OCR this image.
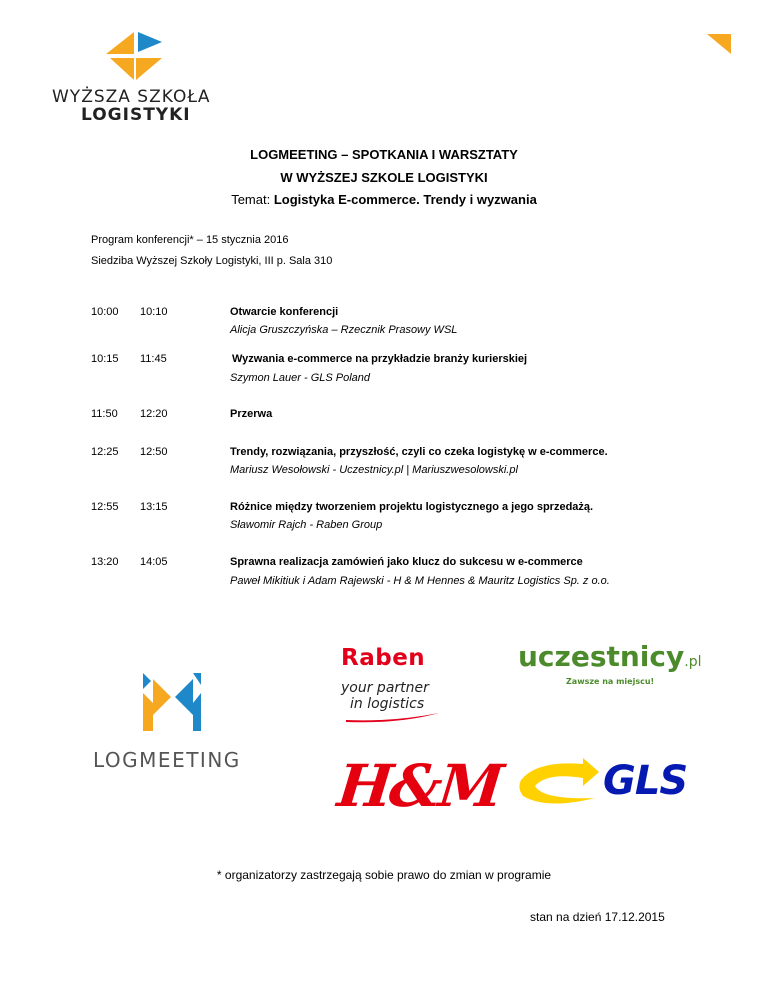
WYŻSZA SZKOŁA
LOGISTYKI
LOGMEETING – SPOTKANIA I WARSZTATY
W WYŻSZEJ SZKOLE LOGISTYKI
Temat: Logistyka E-commerce. Trendy i wyzwania
Program konferencji* – 15 stycznia 2016
Siedziba Wyższej Szkoły Logistyki, III p. Sala 310
10:00 10:10	Otwarcie konferencji
Alicja Gruszczyńska – Rzecznik Prasowy WSL
10:15 11:45	Wyzwania e-commerce na przykładzie branży kurierskiej
Szymon Lauer - GLS Poland
11:50 12:20	Przerwa
12:25 12:50	Trendy, rozwiązania, przyszłość, czyli co czeka logistykę w e-commerce.
Mariusz Wesołowski - Uczestnicy.pl | Mariuszwesolowski.pl
12:55 13:15	Różnice między tworzeniem projektu logistycznego a jego sprzedażą.
Sławomir Rajch - Raben Group
13:20 14:05	Sprawna realizacja zamówień jako klucz do sukcesu w e-commerce
Paweł Mikitiuk i Adam Rajewski - H & M Hennes & Mauritz Logistics Sp. z o.o.
LOGMEETING
Raben
your partner
in logistics
uczestnicy.pl
Zawsze na miejscu!
H&M GLS
* organizatorzy zastrzegają sobie prawo do zmian w programie
stan na dzień 17.12.2015
